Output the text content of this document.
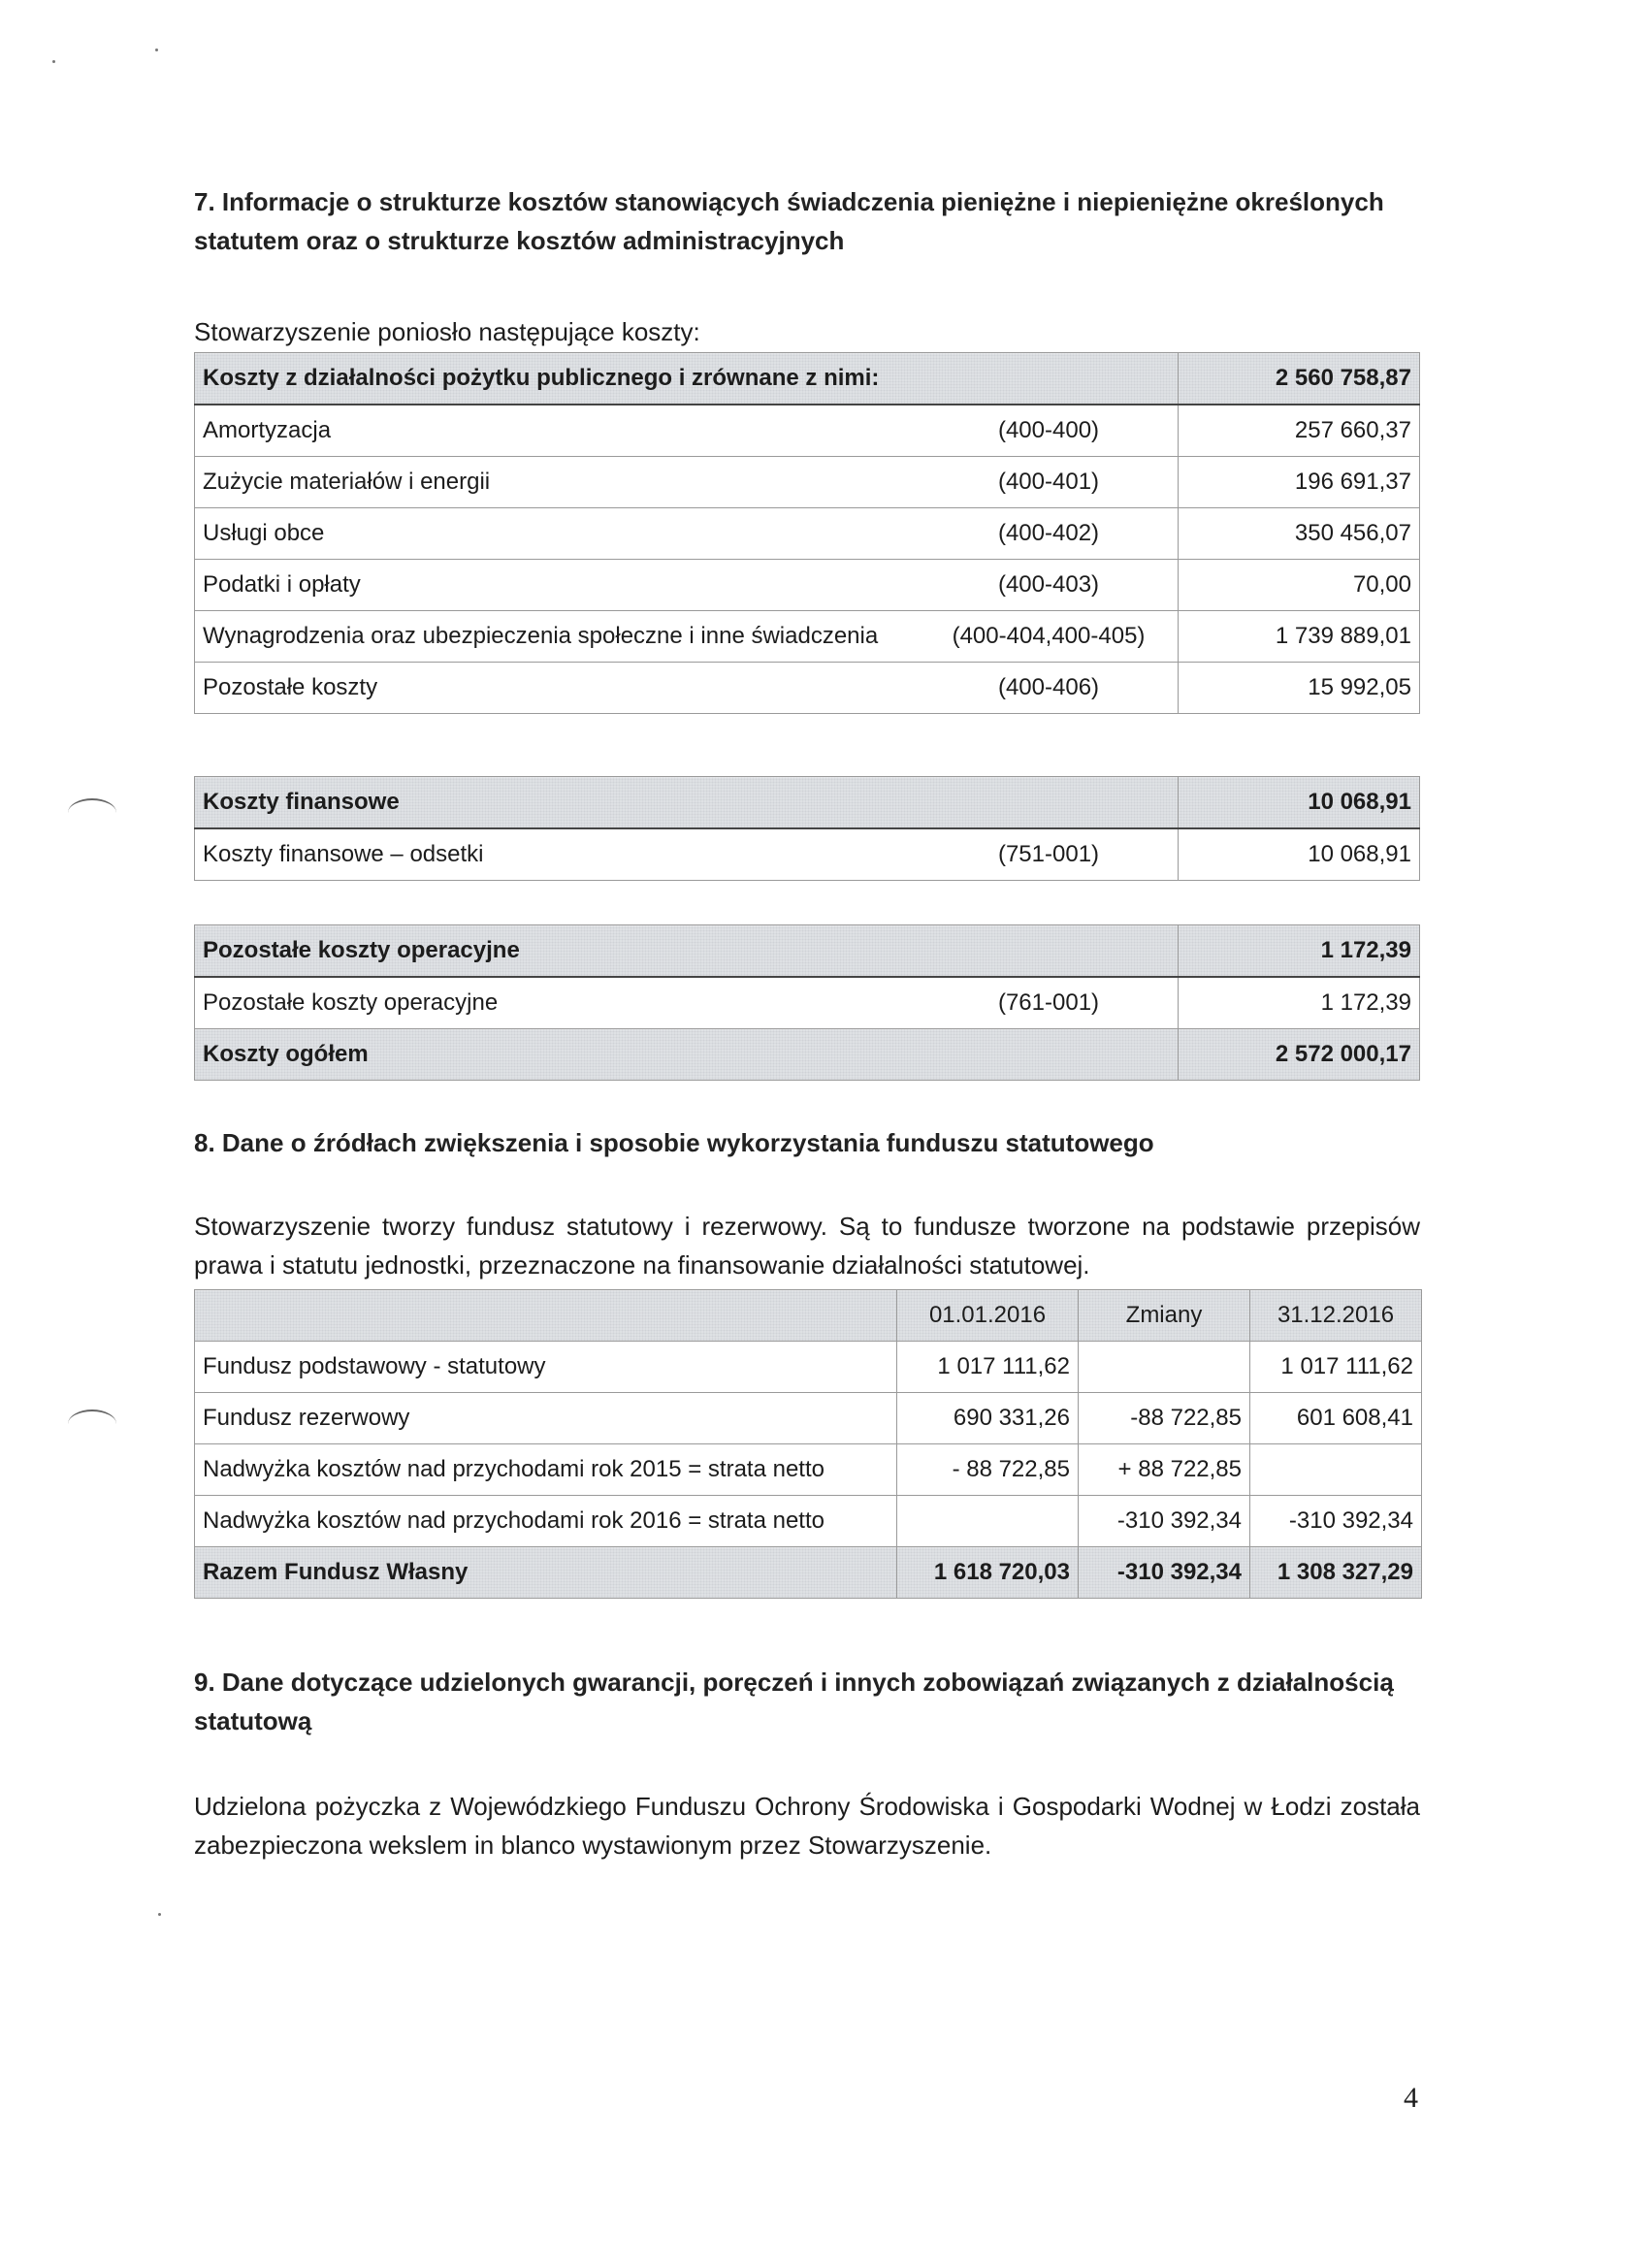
7. Informacje o strukturze kosztów stanowiących świadczenia pieniężne i niepieniężne określonych statutem oraz o strukturze kosztów administracyjnych

Stowarzyszenie poniosło następujące koszty:

Koszty z działalności pożytku publicznego i zrównane z nimi:		2 560 758,87
Amortyzacja	(400-400)	257 660,37
Zużycie materiałów i energii	(400-401)	196 691,37
Usługi obce	(400-402)	350 456,07
Podatki i opłaty	(400-403)	70,00
Wynagrodzenia oraz ubezpieczenia społeczne i inne świadczenia	(400-404,400-405)	1 739 889,01
Pozostałe koszty	(400-406)	15 992,05
Koszty finansowe		10 068,91
Koszty finansowe – odsetki	(751-001)	10 068,91
Pozostałe koszty operacyjne		1 172,39
Pozostałe koszty operacyjne	(761-001)	1 172,39
Koszty ogółem		2 572 000,17
8. Dane o źródłach zwiększenia i sposobie wykorzystania funduszu statutowego

Stowarzyszenie tworzy fundusz statutowy i rezerwowy. Są to fundusze tworzone na podstawie przepisów prawa i statutu jednostki, przeznaczone na finansowanie działalności statutowej.

	01.01.2016	Zmiany	31.12.2016
Fundusz podstawowy - statutowy	1 017 111,62		1 017 111,62
Fundusz rezerwowy	690 331,26	-88 722,85	601 608,41
Nadwyżka kosztów nad przychodami rok 2015 = strata netto	- 88 722,85	+ 88 722,85	
Nadwyżka kosztów nad przychodami rok 2016 = strata netto		-310 392,34	-310 392,34
Razem Fundusz Własny	1 618 720,03	-310 392,34	1 308 327,29
9. Dane dotyczące udzielonych gwarancji, poręczeń i innych zobowiązań związanych z działalnością statutową

Udzielona pożyczka z Wojewódzkiego Funduszu Ochrony Środowiska i Gospodarki Wodnej w Łodzi została zabezpieczona wekslem in blanco wystawionym przez Stowarzyszenie.

4
